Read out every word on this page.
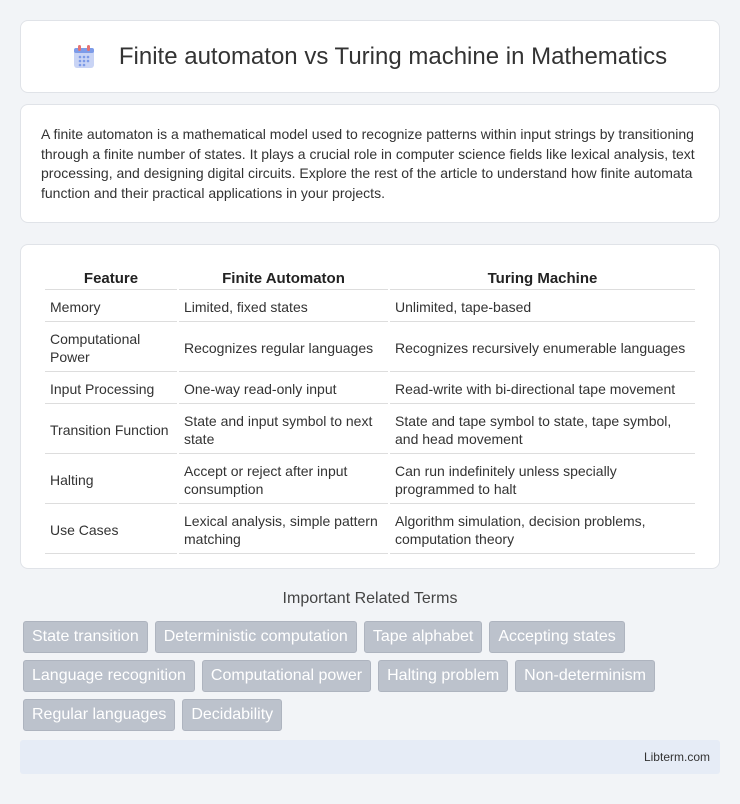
Finite automaton vs Turing machine in Mathematics

A finite automaton is a mathematical model used to recognize patterns within input strings by transitioning through a finite number of states. It plays a crucial role in computer science fields like lexical analysis, text processing, and designing digital circuits. Explore the rest of the article to understand how finite automata function and their practical applications in your projects.

Feature	Finite Automaton	Turing Machine
Memory	Limited, fixed states	Unlimited, tape-based
Computational Power	Recognizes regular languages	Recognizes recursively enumerable languages
Input Processing	One-way read-only input	Read-write with bi-directional tape movement
Transition Function	State and input symbol to next state	State and tape symbol to state, tape symbol, and head movement
Halting	Accept or reject after input consumption	Can run indefinitely unless specially programmed to halt
Use Cases	Lexical analysis, simple pattern matching	Algorithm simulation, decision problems, computation theory
Important Related Terms
State transition	Deterministic computation	Tape alphabet	Accepting states
Language recognition	Computational power	Halting problem	Non-determinism
Regular languages	Decidability
Libterm.com
